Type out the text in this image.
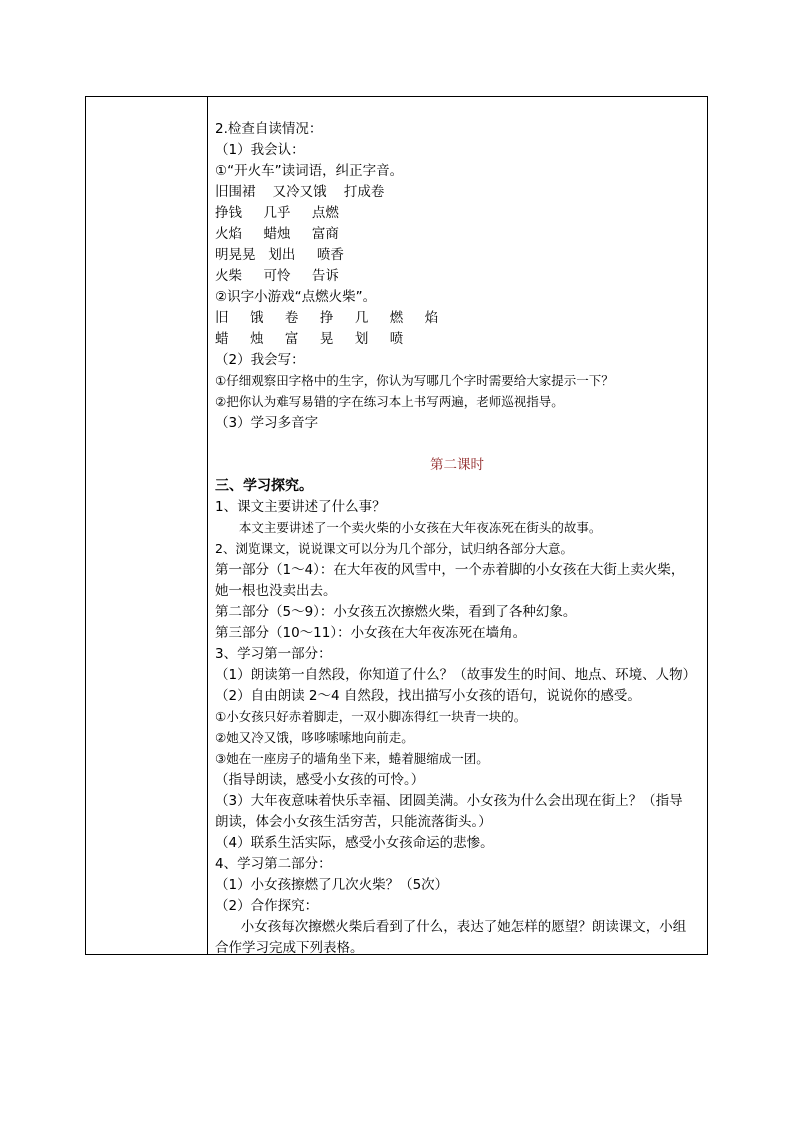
2.检查自读情况：
（1）我会认：
①“开火车”读词语，纠正字音。
旧围裙    又冷又饿    打成卷
挣钱     几乎     点燃
火焰     蜡烛     富商
明晃晃   划出     喷香
火柴     可怜     告诉
②识字小游戏“点燃火柴”。
旧     饿     卷     挣     几     燃     焰
蜡     烛     富     晃     划     喷
（2）我会写：
①仔细观察田字格中的生字，你认为写哪几个字时需要给大家提示一下？
②把你认为难写易错的字在练习本上书写两遍，老师巡视指导。
（3）学习多音字
第二课时
三、学习探究。
1、课文主要讲述了什么事？
本文主要讲述了一个卖火柴的小女孩在大年夜冻死在街头的故事。
2、浏览课文，说说课文可以分为几个部分，试归纳各部分大意。
第一部分（1～4）：在大年夜的风雪中，一个赤着脚的小女孩在大街上卖火柴，
她一根也没卖出去。
第二部分（5～9）：小女孩五次擦燃火柴，看到了各种幻象。
第三部分（10～11）：小女孩在大年夜冻死在墙角。
3、学习第一部分：
（1）朗读第一自然段，你知道了什么？（故事发生的时间、地点、环境、人物）
（2）自由朗读 2～4 自然段，找出描写小女孩的语句，说说你的感受。
①小女孩只好赤着脚走，一双小脚冻得红一块青一块的。
②她又冷又饿，哆哆嗦嗦地向前走。
③她在一座房子的墙角坐下来，蜷着腿缩成一团。
（指导朗读，感受小女孩的可怜。）
（3）大年夜意味着快乐幸福、团圆美满。小女孩为什么会出现在街上？（指导
朗读，体会小女孩生活穷苦，只能流落街头。）
（4）联系生活实际，感受小女孩命运的悲惨。
4、学习第二部分：
（1）小女孩擦燃了几次火柴？（5次）
（2）合作探究：
小女孩每次擦燃火柴后看到了什么，表达了她怎样的愿望？朗读课文，小组
合作学习完成下列表格。
